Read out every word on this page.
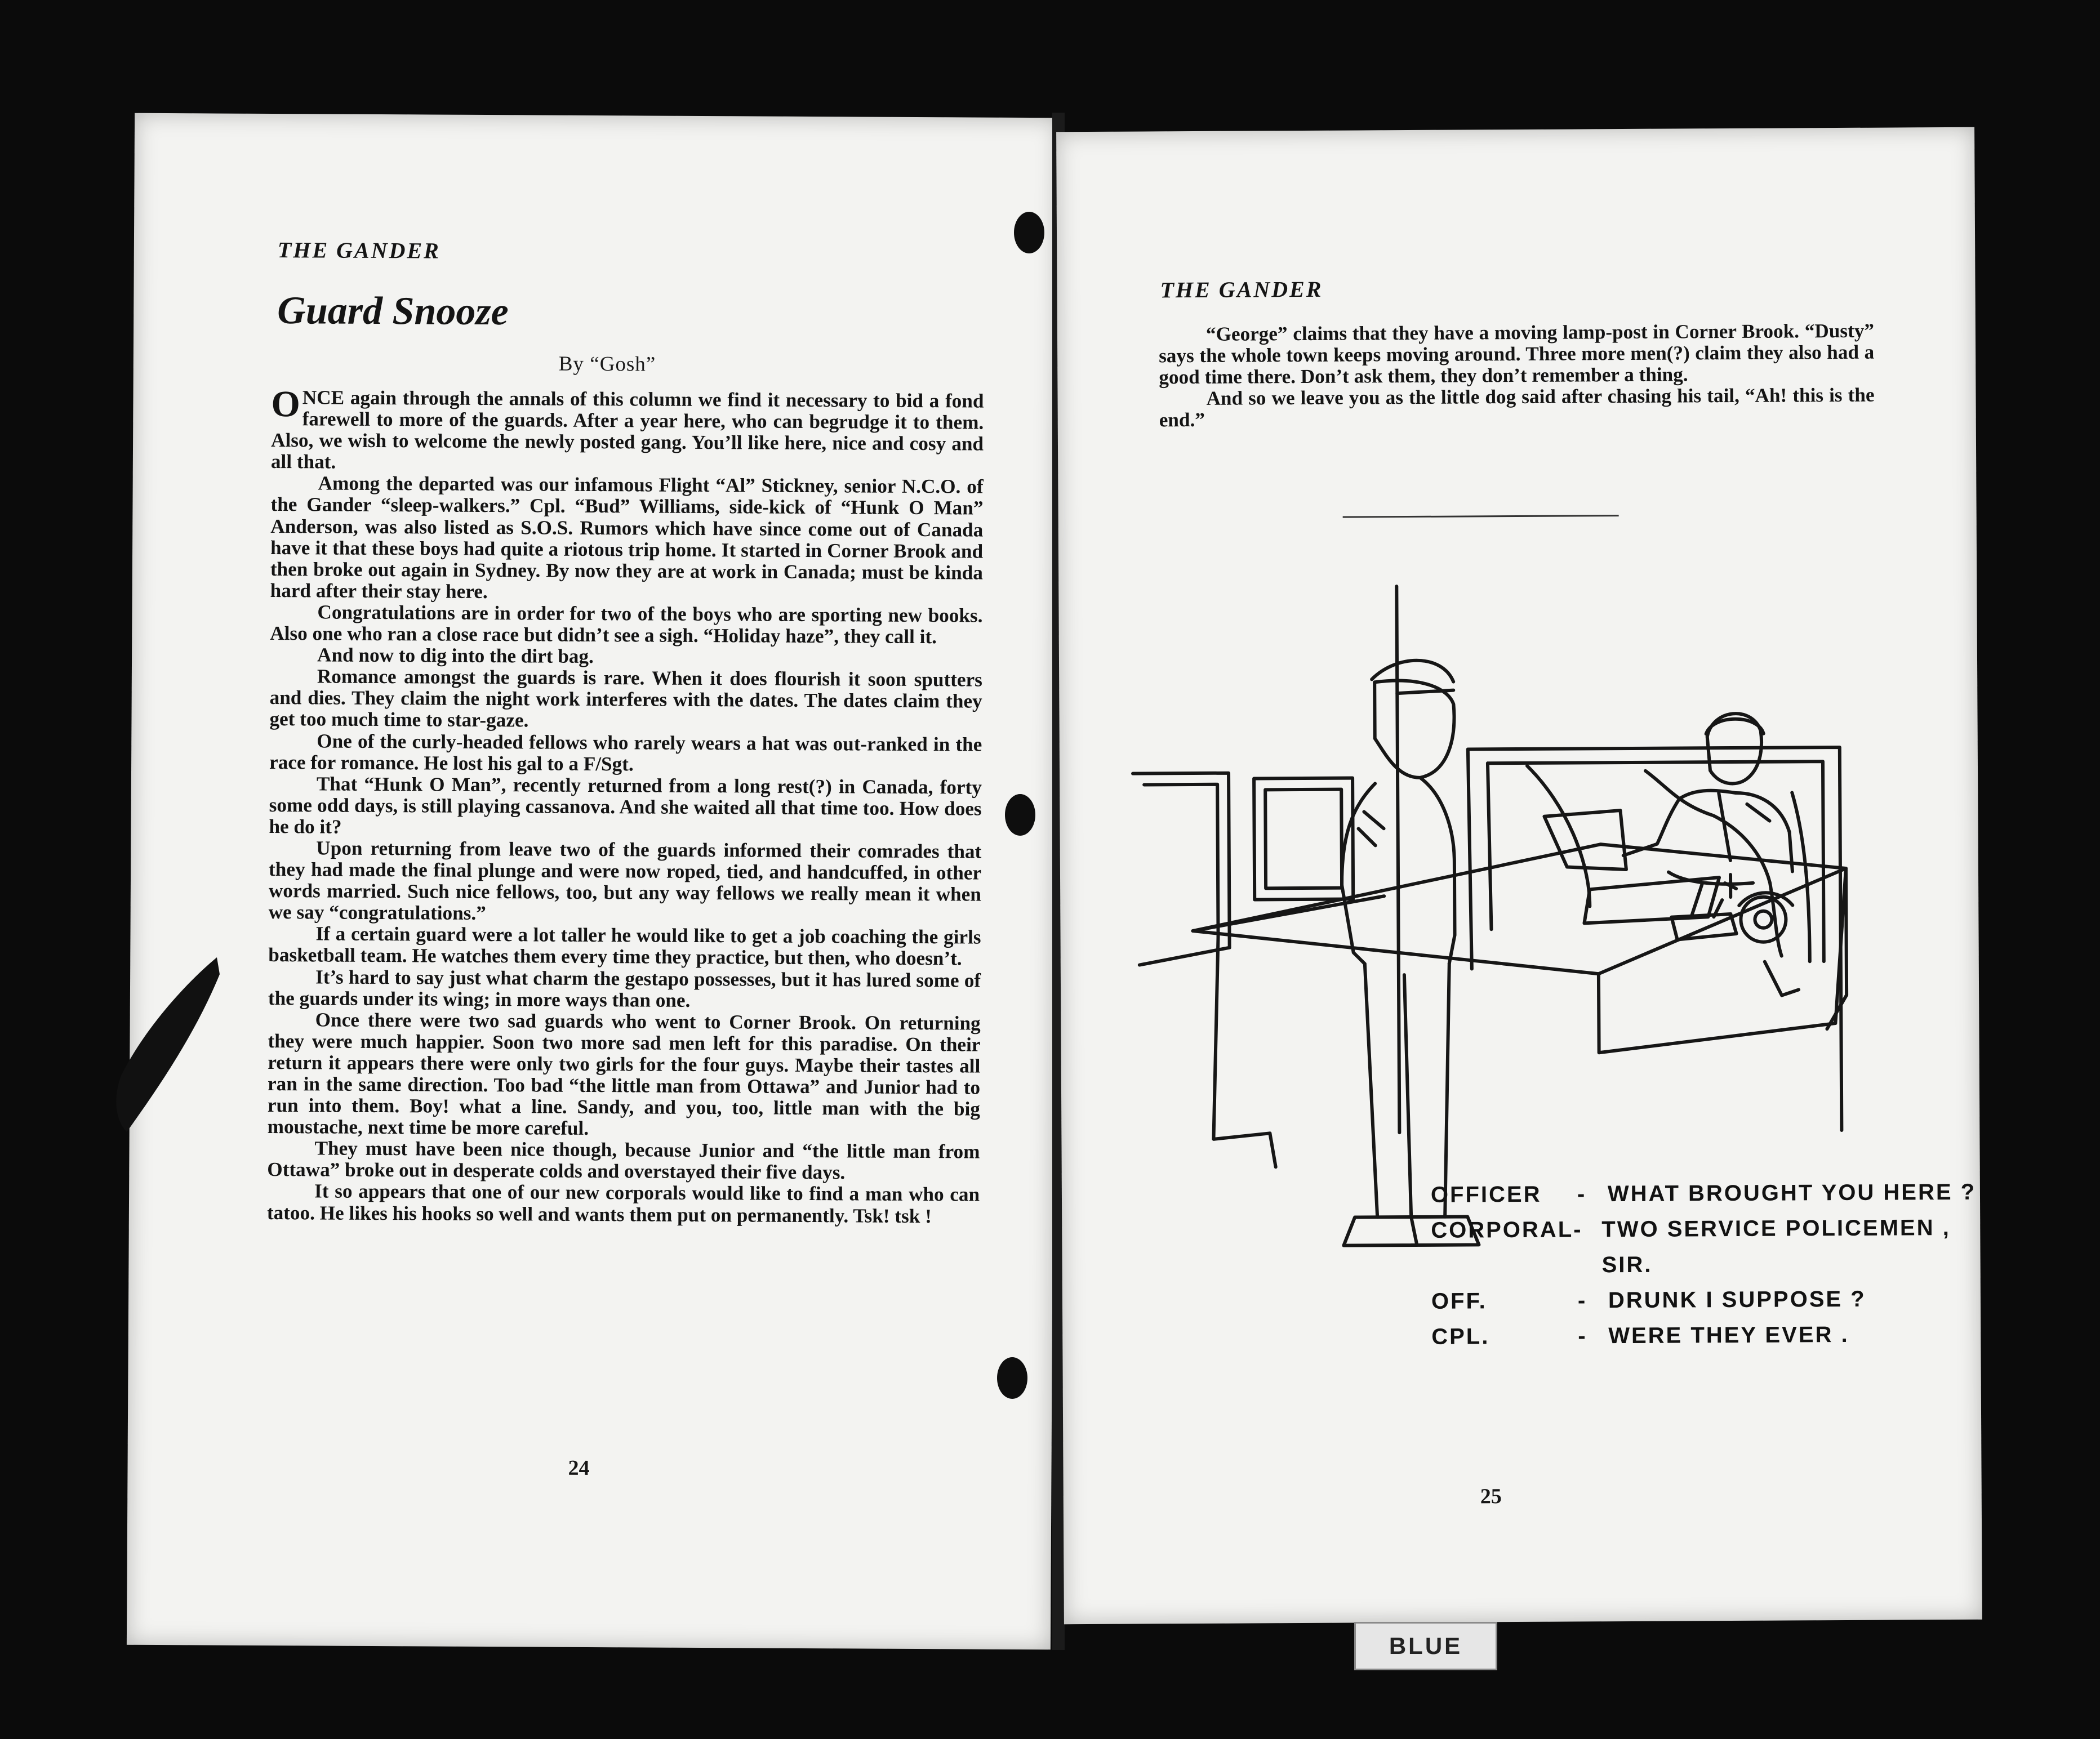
THE GANDER
Guard Snooze
By “Gosh”

ONCE again through the annals of this column we find it necessary to bid a fond farewell to more of the guards. After a year here, who can begrudge it to them. Also, we wish to welcome the newly posted gang. You’ll like here, nice and cosy and all that.

Among the departed was our infamous Flight “Al” Stickney, senior N.C.O. of the Gander “sleep-walkers.” Cpl. “Bud” Williams, side-kick of “Hunk O Man” Anderson, was also listed as S.O.S. Rumors which have since come out of Canada have it that these boys had quite a riotous trip home. It started in Corner Brook and then broke out again in Sydney. By now they are at work in Canada; must be kinda hard after their stay here.

Congratulations are in order for two of the boys who are sporting new books. Also one who ran a close race but didn’t see a sigh. “Holiday haze”, they call it.

And now to dig into the dirt bag.

Romance amongst the guards is rare. When it does flourish it soon sputters and dies. They claim the night work interferes with the dates. The dates claim they get too much time to star-gaze.

One of the curly-headed fellows who rarely wears a hat was out-ranked in the race for romance. He lost his gal to a F/Sgt.

That “Hunk O Man”, recently returned from a long rest(?) in Canada, forty some odd days, is still playing cassanova. And she waited all that time too. How does he do it?

Upon returning from leave two of the guards informed their comrades that they had made the final plunge and were now roped, tied, and handcuffed, in other words married. Such nice fellows, too, but any way fellows we really mean it when we say “congratulations.”

If a certain guard were a lot taller he would like to get a job coaching the girls basketball team. He watches them every time they practice, but then, who doesn’t.

It’s hard to say just what charm the gestapo possesses, but it has lured some of the guards under its wing; in more ways than one.

Once there were two sad guards who went to Corner Brook. On returning they were much happier. Soon two more sad men left for this paradise. On their return it appears there were only two girls for the four guys. Maybe their tastes all ran in the same direction. Too bad “the little man from Ottawa” and Junior had to run into them. Boy! what a line. Sandy, and you, too, little man with the big moustache, next time be more careful.

They must have been nice though, because Junior and “the little man from Ottawa” broke out in desperate colds and overstayed their five days.

It so appears that one of our new corporals would like to find a man who can tatoo. He likes his hooks so well and wants them put on permanently. Tsk! tsk !

24
THE GANDER

“George” claims that they have a moving lamp-post in Corner Brook. “Dusty” says the whole town keeps moving around. Three more men(?) claim they also had a good time there. Don’t ask them, they don’t remember a thing.

And so we leave you as the little dog said after chasing his tail, “Ah! this is the end.”

OFFICER	- WHAT BROUGHT YOU HERE ?
CORPORAL - TWO SERVICE POLICEMEN , SIR.
OFF.	- DRUNK I SUPPOSE ?
CPL.	- WERE THEY EVER .
25
BLUE
